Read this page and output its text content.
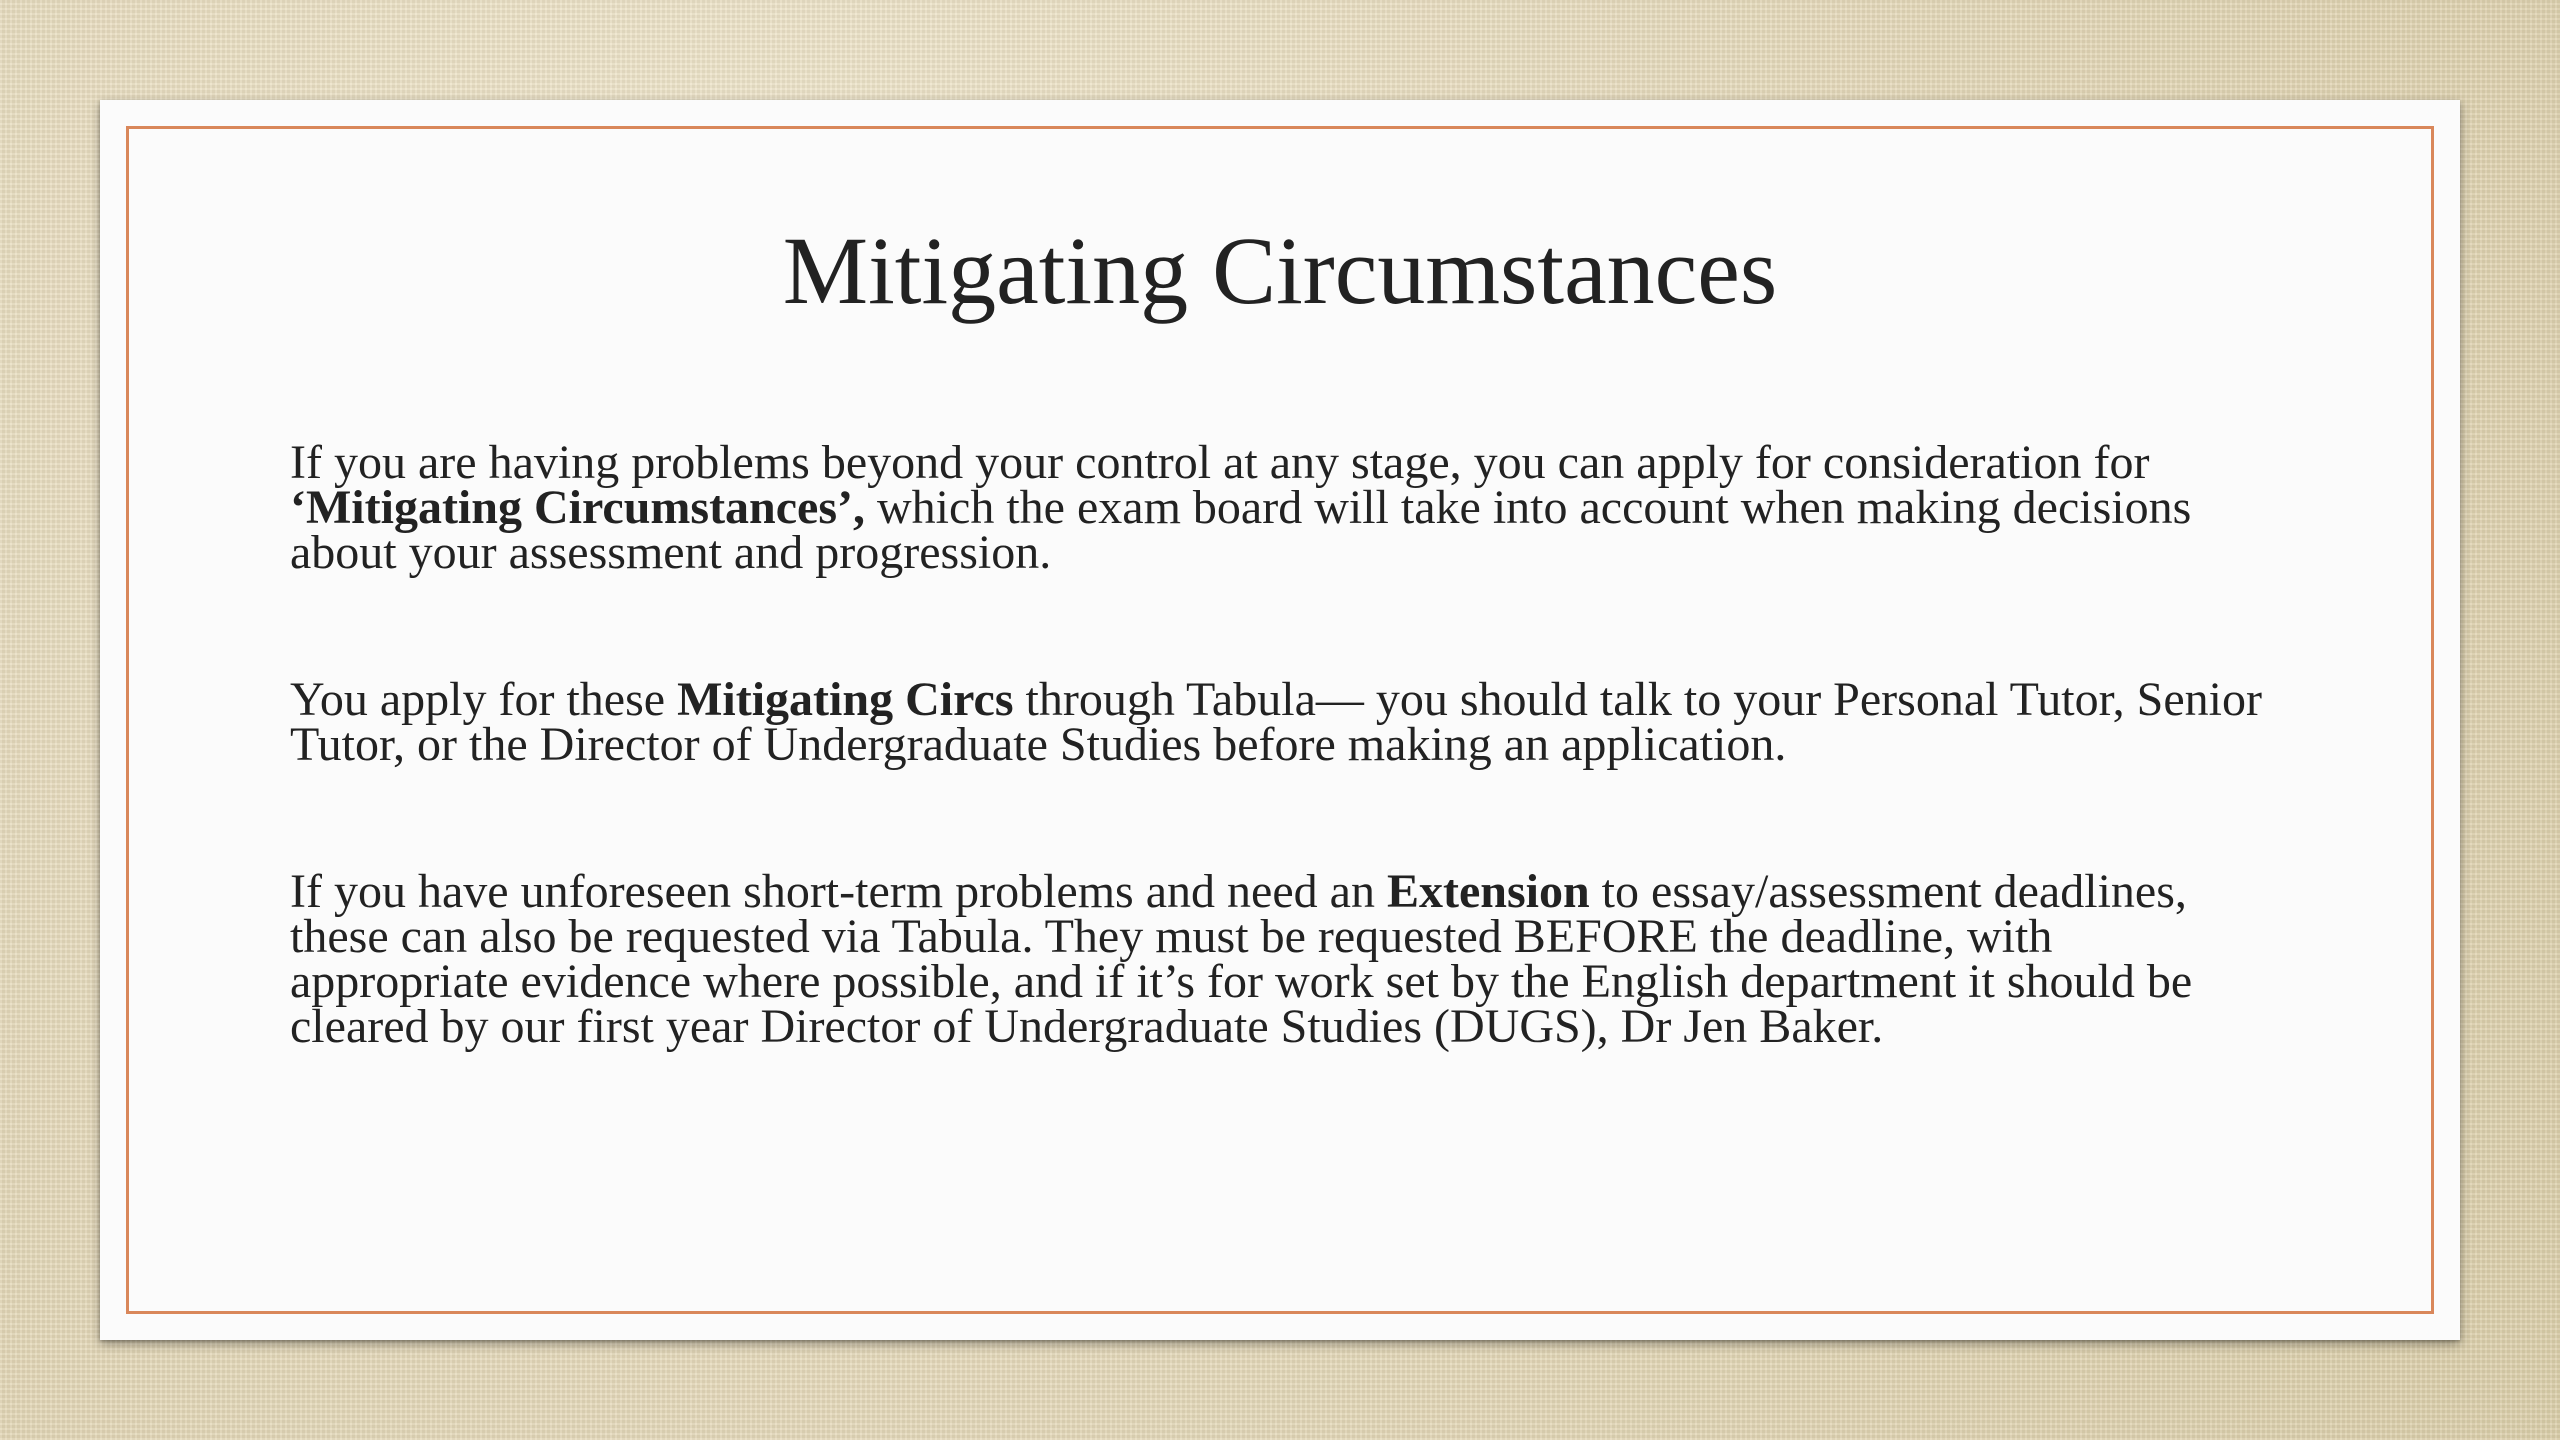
Mitigating Circumstances

If you are having problems beyond your control at any stage, you can apply for consideration for ‘Mitigating Circumstances’, which the exam board will take into account when making decisions about your assessment and progression.

You apply for these Mitigating Circs through Tabula— you should talk to your Personal Tutor, Senior Tutor, or the Director of Undergraduate Studies before making an application.

If you have unforeseen short-term problems and need an Extension to essay/assessment deadlines, these can also be requested via Tabula. They must be requested BEFORE the deadline, with appropriate evidence where possible, and if it’s for work set by the English department it should be cleared by our first year Director of Undergraduate Studies (DUGS), Dr Jen Baker.
